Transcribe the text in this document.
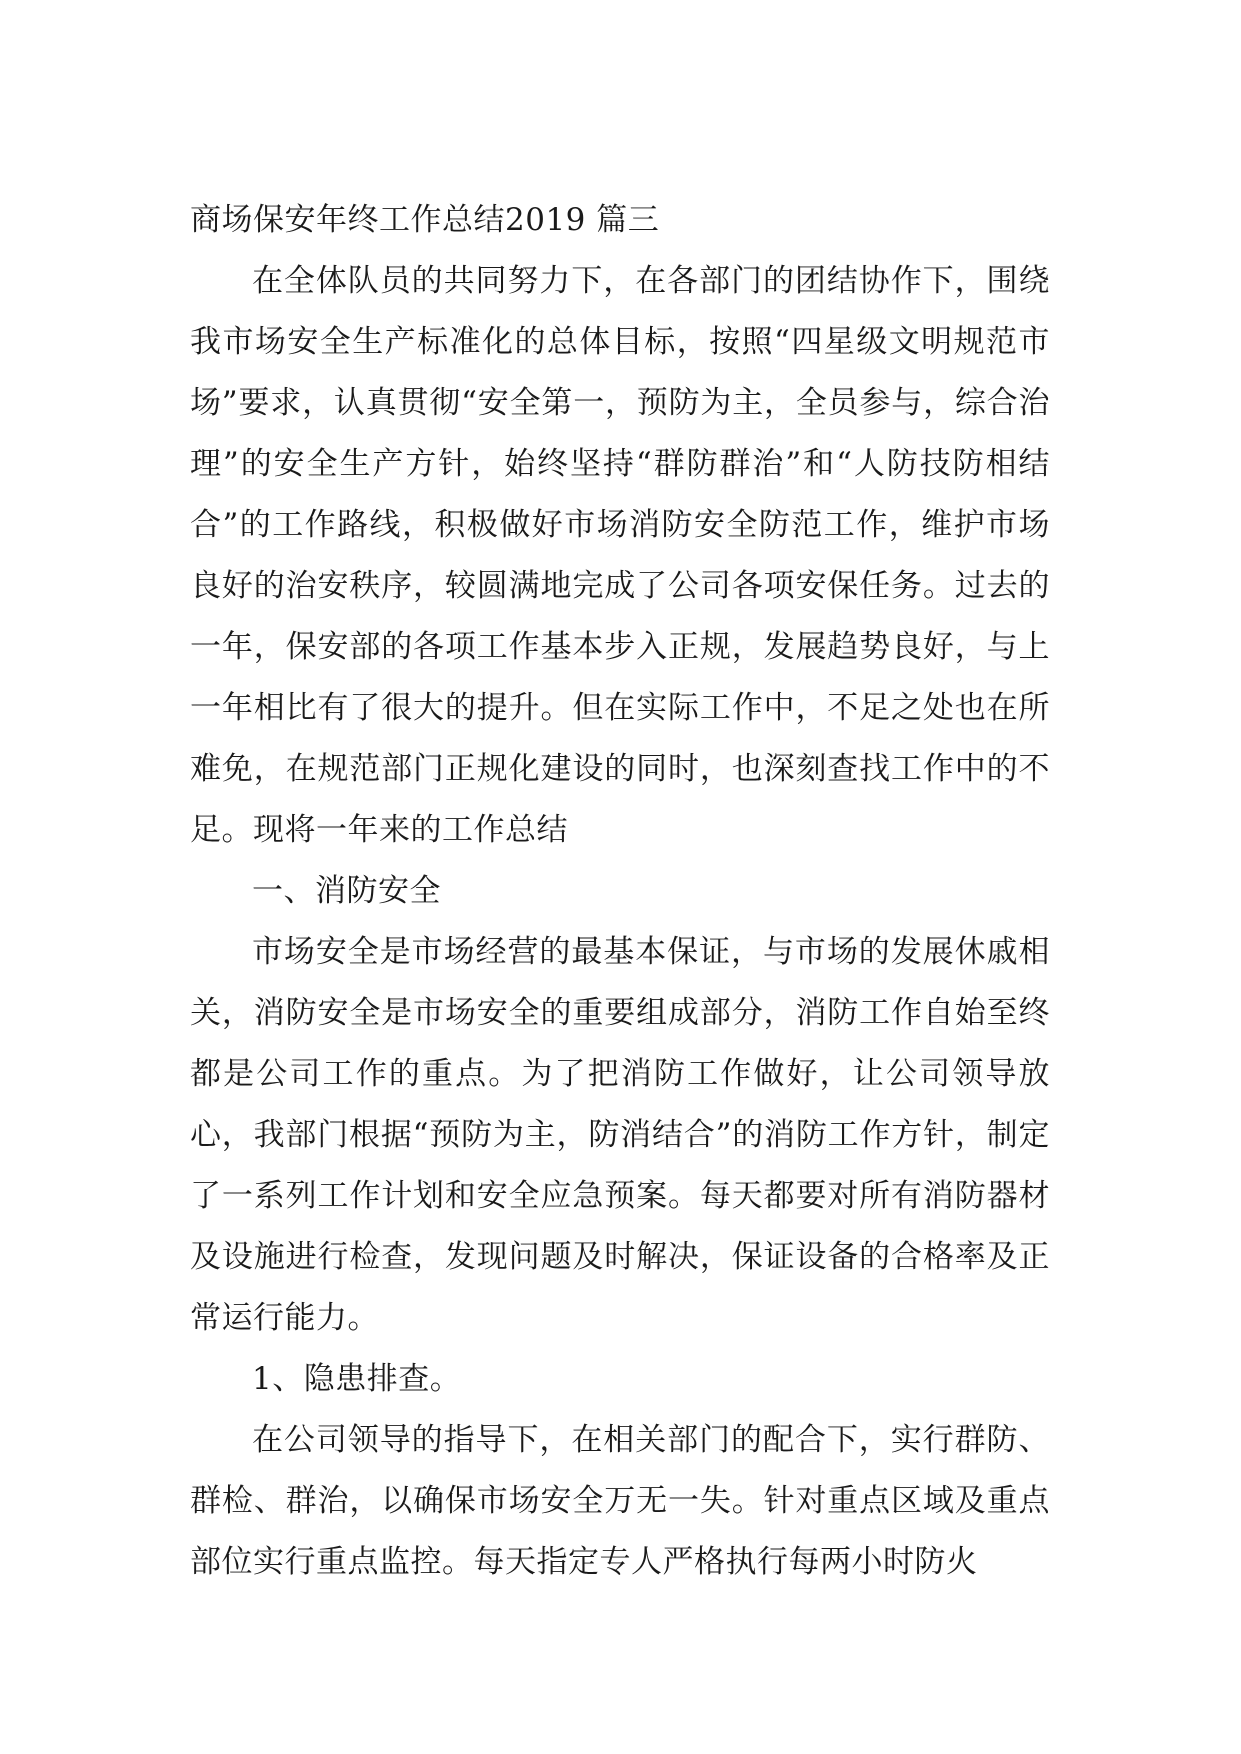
商场保安年终工作总结2019 篇三

在全体队员的共同努力下，在各部门的团结协作下，围绕我市场安全生产标准化的总体目标，按照“四星级文明规范市场”要求，认真贯彻“安全第一，预防为主，全员参与，综合治理”的安全生产方针，始终坚持“群防群治”和“人防技防相结合”的工作路线，积极做好市场消防安全防范工作，维护市场良好的治安秩序，较圆满地完成了公司各项安保任务。过去的一年，保安部的各项工作基本步入正规，发展趋势良好，与上一年相比有了很大的提升。但在实际工作中，不足之处也在所难免，在规范部门正规化建设的同时，也深刻查找工作中的不足。现将一年来的工作总结

一、消防安全

市场安全是市场经营的最基本保证，与市场的发展休戚相关，消防安全是市场安全的重要组成部分，消防工作自始至终都是公司工作的重点。为了把消防工作做好，让公司领导放心，我部门根据“预防为主，防消结合”的消防工作方针，制定了一系列工作计划和安全应急预案。每天都要对所有消防器材及设施进行检查，发现问题及时解决，保证设备的合格率及正常运行能力。

1、隐患排查。

在公司领导的指导下，在相关部门的配合下，实行群防、群检、群治，以确保市场安全万无一失。针对重点区域及重点部位实行重点监控。每天指定专人严格执行每两小时防火
